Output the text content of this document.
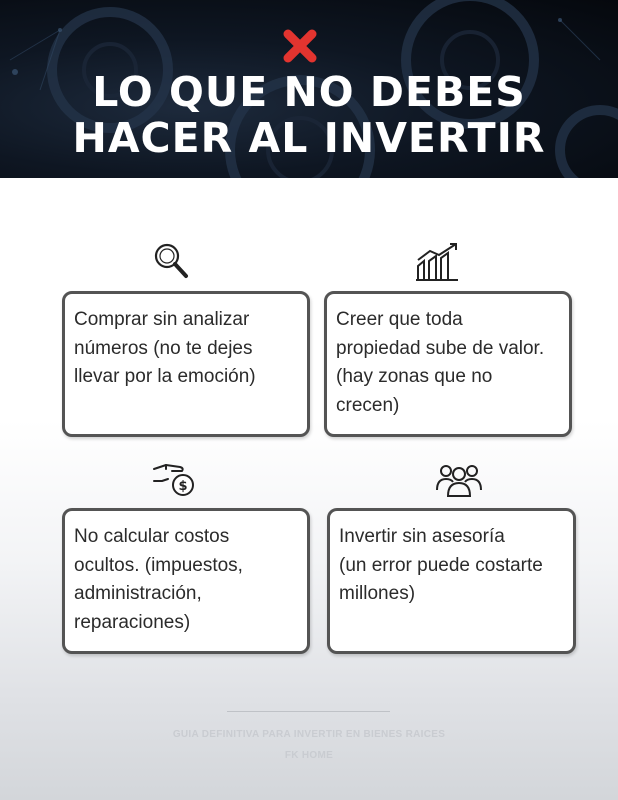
LO QUE NO DEBES
HACER AL INVERTIR

Comprar sin analizar

números (no te dejes

llevar por la emoción)

Creer que toda

propiedad sube de valor.

(hay zonas que no

crecen)

$

No calcular costos

ocultos. (impuestos,

administración,

reparaciones)

Invertir sin asesoría

(un error puede costarte

millones)

GUIA DEFINITIVA PARA INVERTIR EN BIENES RAICES
FK HOME
